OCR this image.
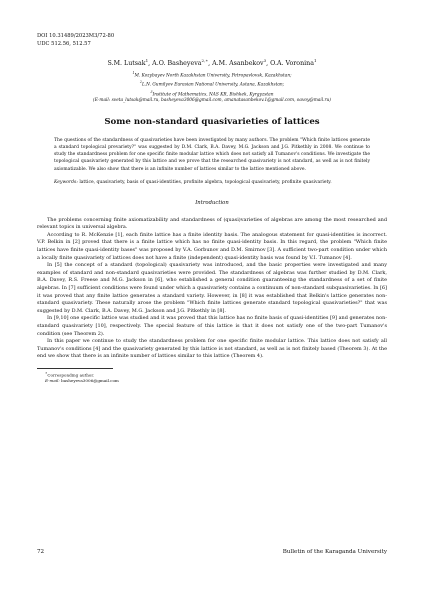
DOI 10.31489/2023M3/72-80
UDC 512.56, 512.57
S.M. Lutsak$^1$, A.O. Basheyeva$^{2,∗}$, A.M. Asanbekov$^3$, O.A. Voronina$^1$
$^1$M. Kozybayev North Kazakhstan University, Petropavlovsk, Kazakhstan;
$^2$L.N. Gumilyov Eurasian National University, Astana, Kazakhstan;
$^3$Institute of Mathematics, NAS KR, Bishkek, Kyrgyzstan
(E-mail: sveta_lutsak@mail.ru, basheyeva3006@gmail.com, amanatasanbekov.1@gmail.com, oavoy@mail.ru)
Some non-standard quasivarieties of lattices
The questions of the standardness of quasivarieties have been investigated by many authors. The problem "Which finite lattices generate a standard topological prevariety?" was suggested by D.M. Clark, B.A. Davey, M.G. Jackson and J.G. Pitkethly in 2008. We continue to study the standardness problem for one specific finite modular lattice which does not satisfy all Tumanov's conditions. We investigate the topological quasivariety generated by this lattice and we prove that the researched quasivariety is not standard, as well as is not finitely axiomatizable. We also show that there is an infinite number of lattices similar to the lattice mentioned above.
Keywords: lattice, quasivariety, basis of quasi-identities, profinite algebra, topological quasivariety, profinite quasivariety.
Introduction

The problems concerning finite axiomatizability and standardness of (quasi)varieties of algebras are among the most researched and relevant topics in universal algebra.

According to R. McKenzie [1], each finite lattice has a finite identity basis. The analogous statement for quasi-identities is incorrect. V.P. Belkin in [2] proved that there is a finite lattice which has no finite quasi-identity basis. In this regard, the problem "Which finite lattices have finite quasi-identity bases" was proposed by V.A. Gorbunov and D.M. Smirnov [3]. A sufficient two-part condition under which a locally finite quasivariety of lattices does not have a finite (independent) quasi-identity basis was found by V.I. Tumanov [4].

In [5] the concept of a standard (topological) quasivariety was introduced, and the basic properties were investigated and many examples of standard and non-standard quasivarieties were provided. The standardness of algebras was further studied by D.M. Clark, B.A. Davey, R.S. Freese and M.G. Jackson in [6], who established a general condition guaranteeing the standardness of a set of finite algebras. In [7] sufficient conditions were found under which a quasivariety contains a continuum of non-standard subquasivarieties. In [6] it was proved that any finite lattice generates a standard variety. However, in [8] it was established that Belkin's lattice generates non-standard quasivariety. These naturally arose the problem "Which finite lattices generate standard topological quasivarieties?" that was suggested by D.M. Clark, B.A. Davey, M.G. Jackson and J.G. Pitkethly in [8].

In [9,10] one specific lattice was studied and it was proved that this lattice has no finite basis of quasi-identities [9] and generates non-standard quasivariety [10], respectively. The special feature of this lattice is that it does not satisfy one of the two-part Tumanov's condition (see Theorem 2).

In this paper we continue to study the standardness problem for one specific finite modular lattice. This lattice does not satisfy all Tumanov's conditions [4] and the quasivariety generated by this lattice is not standard, as well as is not finitely based (Theorem 3). At the end we show that there is an infinite number of lattices similar to this lattice (Theorem 4).

∗Corresponding author.
E-mail: basheyeva3006@gmail.com
72	Bulletin of the Karaganda University
